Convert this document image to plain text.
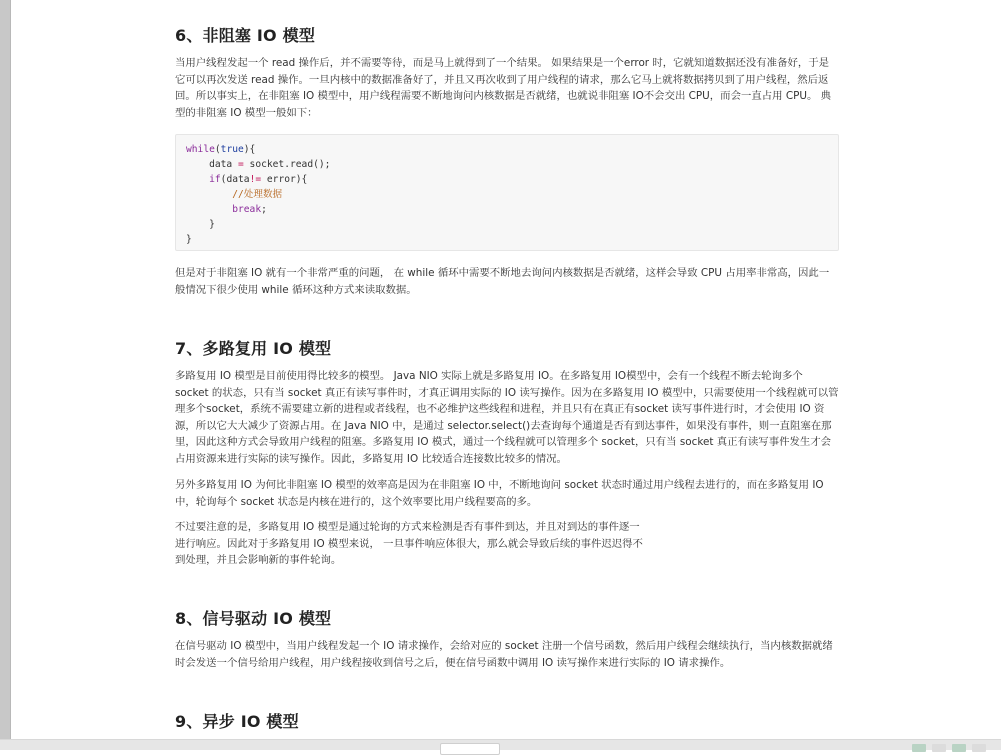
6、非阻塞 IO 模型

当用户线程发起一个 read 操作后，并不需要等待，而是马上就得到了一个结果。 如果结果是一个error 时，它就知道数据还没有准备好，于是它可以再次发送 read 操作。一旦内核中的数据准备好了，并且又再次收到了用户线程的请求，那么它马上就将数据拷贝到了用户线程，然后返回。所以事实上，在非阻塞 IO 模型中，用户线程需要不断地询问内核数据是否就绪，也就说非阻塞 IO不会交出 CPU，而会一直占用 CPU。 典型的非阻塞 IO 模型一般如下：

while(true){
data = socket.read();
if(data!= error){
//处理数据
break;
}
}

但是对于非阻塞 IO 就有一个非常严重的问题， 在 while 循环中需要不断地去询问内核数据是否就绪，这样会导致 CPU 占用率非常高，因此一般情况下很少使用 while 循环这种方式来读取数据。

7、多路复用 IO 模型

多路复用 IO 模型是目前使用得比较多的模型。 Java NIO 实际上就是多路复用 IO。在多路复用 IO模型中，会有一个线程不断去轮询多个 socket 的状态，只有当 socket 真正有读写事件时，才真正调用实际的 IO 读写操作。因为在多路复用 IO 模型中，只需要使用一个线程就可以管理多个socket，系统不需要建立新的进程或者线程，也不必维护这些线程和进程，并且只有在真正有socket 读写事件进行时，才会使用 IO 资源，所以它大大减少了资源占用。在 Java NIO 中，是通过 selector.select()去查询每个通道是否有到达事件，如果没有事件，则一直阻塞在那里，因此这种方式会导致用户线程的阻塞。多路复用 IO 模式，通过一个线程就可以管理多个 socket，只有当 socket 真正有读写事件发生才会占用资源来进行实际的读写操作。因此，多路复用 IO 比较适合连接数比较多的情况。

另外多路复用 IO 为何比非阻塞 IO 模型的效率高是因为在非阻塞 IO 中，不断地询问 socket 状态时通过用户线程去进行的，而在多路复用 IO 中，轮询每个 socket 状态是内核在进行的，这个效率要比用户线程要高的多。

不过要注意的是，多路复用 IO 模型是通过轮询的方式来检测是否有事件到达，并且对到达的事件逐一进行响应。因此对于多路复用 IO 模型来说， 一旦事件响应体很大，那么就会导致后续的事件迟迟得不到处理，并且会影响新的事件轮询。

8、信号驱动 IO 模型

在信号驱动 IO 模型中，当用户线程发起一个 IO 请求操作，会给对应的 socket 注册一个信号函数，然后用户线程会继续执行，当内核数据就绪时会发送一个信号给用户线程，用户线程接收到信号之后，便在信号函数中调用 IO 读写操作来进行实际的 IO 请求操作。

9、异步 IO 模型
